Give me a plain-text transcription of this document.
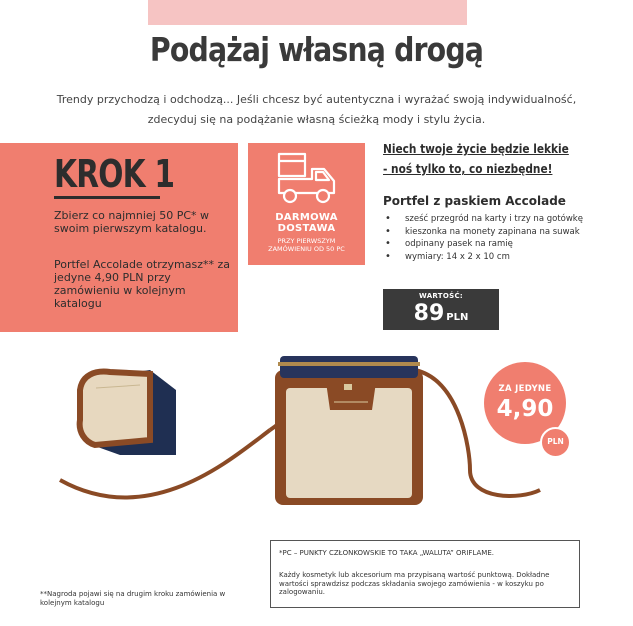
Podążaj własną drogą
Trendy przychodzą i odchodzą... Jeśli chcesz być autentyczna i wyrażać swoją indywidualność,
zdecyduj się na podążanie własną ścieżką mody i stylu życia.
KROK 1
Zbierz co najmniej 50 PC* w swoim pierwszym katalogu.
Portfel Accolade otrzymasz** za jedyne 4,90 PLN przy zamówieniu w kolejnym katalogu
DARMOWA
DOSTAWA
PRZY PIERWSZYM
ZAMÓWIENIU OD 50 PC
Niech twoje życie będzie lekkie
- noś tylko to, co niezbędne!
Portfel z paskiem Accolade
• sześć przegród na karty i trzy na gotówkę
• kieszonka na monety zapinana na suwak
• odpinany pasek na ramię
• wymiary: 14 x 2 x 10 cm
WARTOŚĆ:
89 PLN
ZA JEDYNE
4,90
PLN
*PC – PUNKTY CZŁONKOWSKIE TO TAKA „WALUTA” ORIFLAME.
Każdy kosmetyk lub akcesorium ma przypisaną wartość punktową. Dokładne wartości sprawdzisz podczas składania swojego zamówienia - w koszyku po zalogowaniu.
**Nagroda pojawi się na drugim kroku zamówienia w kolejnym katalogu
